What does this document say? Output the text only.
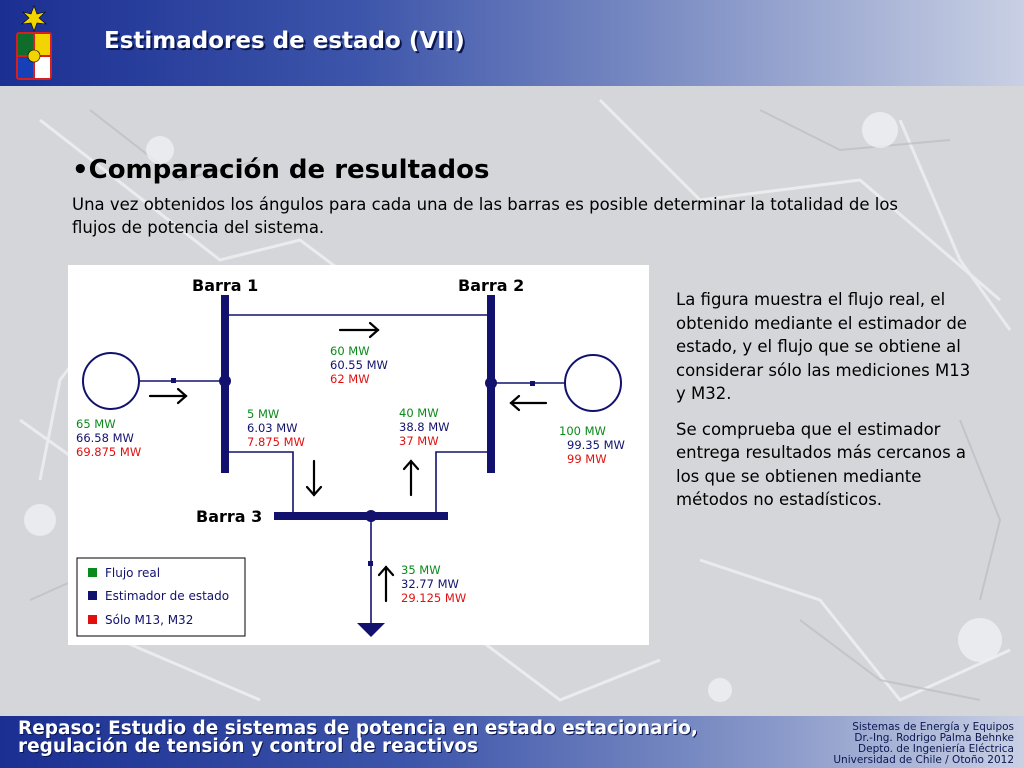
Estimadores de estado (VII)
•Comparación de resultados

Una vez obtenidos los ángulos para cada una de las barras es posible determinar la totalidad de los flujos de potencia del sistema.

Barra 1	Barra 2
Barra 3
60 MW
60.55 MW
62 MW
65 MW
66.58 MW
69.875 MW
5 MW
6.03 MW
7.875 MW
40 MW
38.8 MW
37 MW
100 MW
99.35 MW
99 MW
35 MW
32.77 MW
29.125 MW
Flujo real
Estimador de estado
Sólo M13, M32

La figura muestra el flujo real, el obtenido mediante el estimador de estado, y el flujo que se obtiene al considerar sólo las mediciones M13 y M32.

Se comprueba que el estimador entrega resultados más cercanos a los que se obtienen mediante métodos no estadísticos.

Repaso: Estudio de sistemas de potencia en estado estacionario,
regulación de tensión y control de reactivos
Sistemas de Energía y Equipos
Dr.-Ing. Rodrigo Palma Behnke
Depto. de Ingeniería Eléctrica
Universidad de Chile / Otoño 2012
